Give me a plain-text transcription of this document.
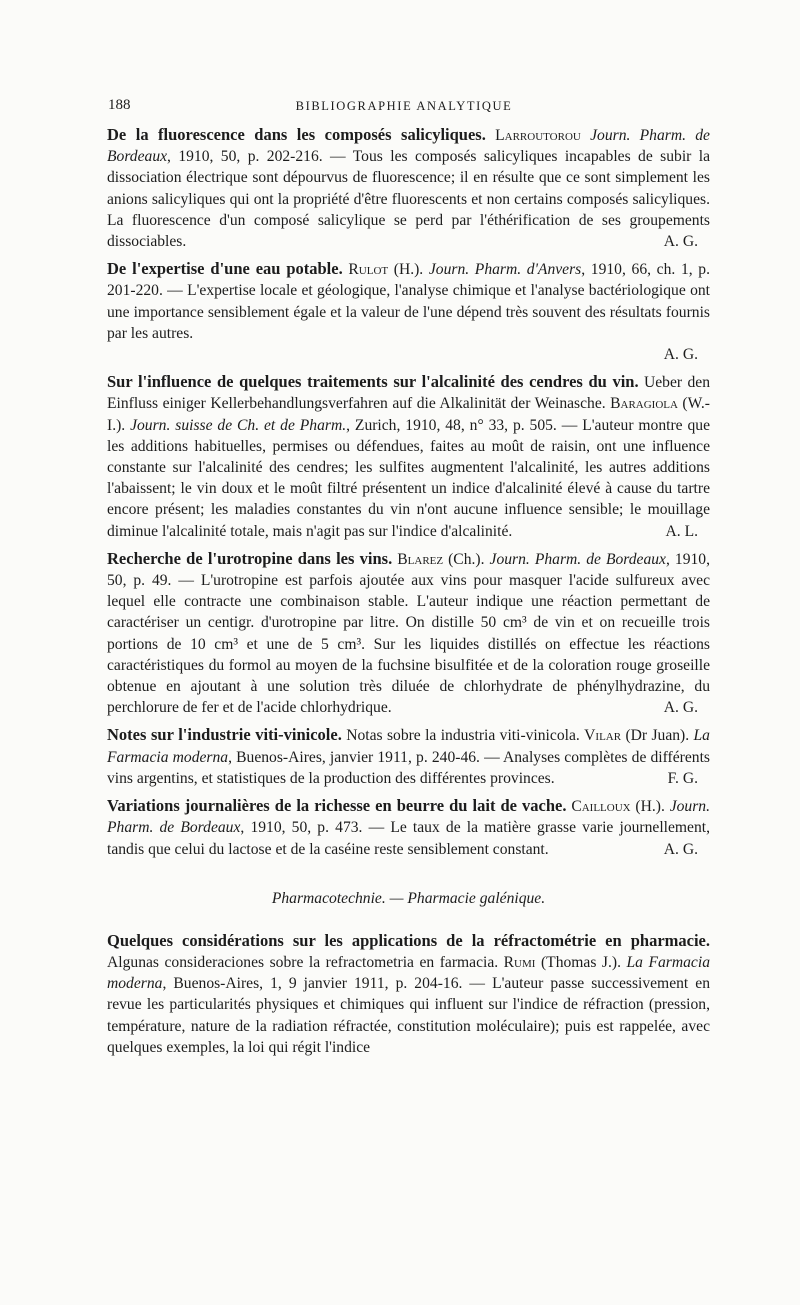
188	BIBLIOGRAPHIE ANALYTIQUE

De la fluorescence dans les composés salicyliques. Larroutorou Journ. Pharm. de Bordeaux, 1910, 50, p. 202-216. — Tous les composés salicyliques incapables de subir la dissociation électrique sont dépourvus de fluorescence; il en résulte que ce sont simplement les anions salicyliques qui ont la propriété d'être fluorescents et non certains composés salicyliques. La fluorescence d'un composé salicylique se perd par l'éthérification de ses groupements dissociables.	A. G.

De l'expertise d'une eau potable. Rulot (H.). Journ. Pharm. d'Anvers, 1910, 66, ch. 1, p. 201-220. — L'expertise locale et géologique, l'analyse chimique et l'analyse bactériologique ont une importance sensiblement égale et la valeur de l'une dépend très souvent des résultats fournis par les autres.
A. G.

Sur l'influence de quelques traitements sur l'alcalinité des cendres du vin. Ueber den Einfluss einiger Kellerbehandlungsverfahren auf die Alkalinität der Weinasche. Baragiola (W.-I.). Journ. suisse de Ch. et de Pharm., Zurich, 1910, 48, n° 33, p. 505. — L'auteur montre que les additions habituelles, permises ou défendues, faites au moût de raisin, ont une influence constante sur l'alcalinité des cendres; les sulfites augmentent l'alcalinité, les autres additions l'abaissent; le vin doux et le moût filtré présentent un indice d'alcalinité élevé à cause du tartre encore présent; les maladies constantes du vin n'ont aucune influence sensible; le mouillage diminue l'alcalinité totale, mais n'agit pas sur l'indice d'alcalinité.	A. L.

Recherche de l'urotropine dans les vins. Blarez (Ch.). Journ. Pharm. de Bordeaux, 1910, 50, p. 49. — L'urotropine est parfois ajoutée aux vins pour masquer l'acide sulfureux avec lequel elle contracte une combinaison stable. L'auteur indique une réaction permettant de caractériser un centigr. d'urotropine par litre. On distille 50 cm³ de vin et on recueille trois portions de 10 cm³ et une de 5 cm³. Sur les liquides distillés on effectue les réactions caractéristiques du formol au moyen de la fuchsine bisulfitée et de la coloration rouge groseille obtenue en ajoutant à une solution très diluée de chlorhydrate de phénylhydrazine, du perchlorure de fer et de l'acide chlorhydrique.	A. G.

Notes sur l'industrie viti-vinicole. Notas sobre la industria viti-vinicola. Vilar (Dr Juan). La Farmacia moderna, Buenos-Aires, janvier 1911, p. 240-46. — Analyses complètes de différents vins argentins, et statistiques de la production des différentes provinces.	F. G.

Variations journalières de la richesse en beurre du lait de vache. Cailloux (H.). Journ. Pharm. de Bordeaux, 1910, 50, p. 473. — Le taux de la matière grasse varie journellement, tandis que celui du lactose et de la caséine reste sensiblement constant.	A. G.

Pharmacotechnie. — Pharmacie galénique.

Quelques considérations sur les applications de la réfractométrie en pharmacie. Algunas consideraciones sobre la refractometria en farmacia. Rumi (Thomas J.). La Farmacia moderna, Buenos-Aires, 1, 9 janvier 1911, p. 204-16. — L'auteur passe successivement en revue les particularités physiques et chimiques qui influent sur l'indice de réfraction (pression, température, nature de la radiation réfractée, constitution moléculaire); puis est rappelée, avec quelques exemples, la loi qui régit l'indice
